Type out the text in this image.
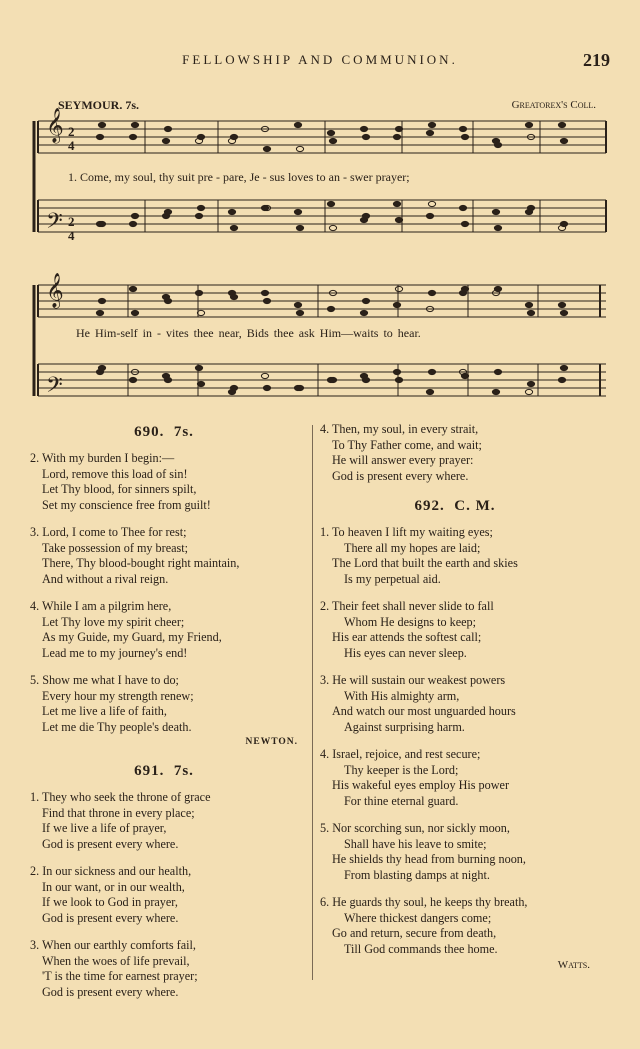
FELLOWSHIP AND COMMUNION.	219
SEYMOUR. 7s.	Greatorex's Coll.
𝄞
𝄢
𝄞
𝄢
2
4
2
4
1. Come, my soul, thy suit pre - pare, Je - sus loves to an - swer prayer;
He Him-self in - vites thee near, Bids thee ask Him—waits to hear.
690. 7s.
2. With my burden I begin:—
Lord, remove this load of sin!
Let Thy blood, for sinners spilt,
Set my conscience free from guilt!
3. Lord, I come to Thee for rest;
Take possession of my breast;
There, Thy blood-bought right maintain,
And without a rival reign.
4. While I am a pilgrim here,
Let Thy love my spirit cheer;
As my Guide, my Guard, my Friend,
Lead me to my journey's end!
5. Show me what I have to do;
Every hour my strength renew;
Let me live a life of faith,
Let me die Thy people's death.
NEWTON.
691. 7s.
1. They who seek the throne of grace
Find that throne in every place;
If we live a life of prayer,
God is present every where.
2. In our sickness and our health,
In our want, or in our wealth,
If we look to God in prayer,
God is present every where.
3. When our earthly comforts fail,
When the woes of life prevail,
'T is the time for earnest prayer;
God is present every where.
4. Then, my soul, in every strait,
To Thy Father come, and wait;
He will answer every prayer:
God is present every where.
692. C. M.
1. To heaven I lift my waiting eyes;
There all my hopes are laid;
The Lord that built the earth and skies
Is my perpetual aid.
2. Their feet shall never slide to fall
Whom He designs to keep;
His ear attends the softest call;
His eyes can never sleep.
3. He will sustain our weakest powers
With His almighty arm,
And watch our most unguarded hours
Against surprising harm.
4. Israel, rejoice, and rest secure;
Thy keeper is the Lord;
His wakeful eyes employ His power
For thine eternal guard.
5. Nor scorching sun, nor sickly moon,
Shall have his leave to smite;
He shields thy head from burning noon,
From blasting damps at night.
6. He guards thy soul, he keeps thy breath,
Where thickest dangers come;
Go and return, secure from death,
Till God commands thee home.
Watts.
